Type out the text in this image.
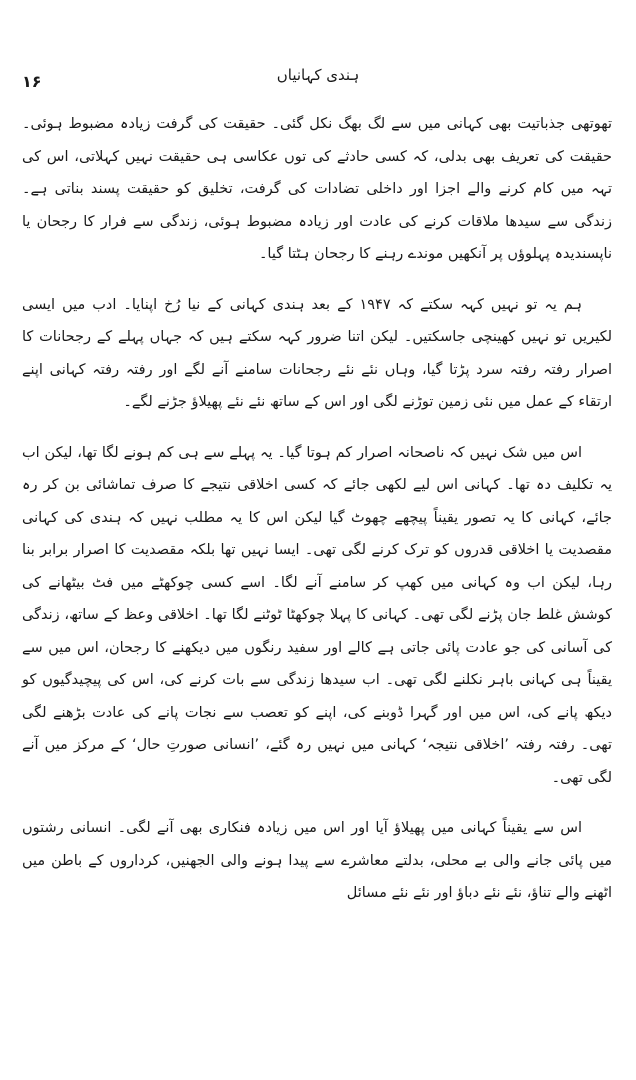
ہندی کہانیاں
۱۶

تھوتھی جذباتیت بھی کہانی میں سے لگ بھگ نکل گئی۔ حقیقت کی گرفت زیادہ مضبوط ہوئی۔ حقیقت کی تعریف بھی بدلی، کہ کسی حادثے کی توں عکاسی ہی حقیقت نہیں کہلاتی، اس کی تہہ میں کام کرنے والے اجزا اور داخلی تضادات کی گرفت، تخلیق کو حقیقت پسند بناتی ہے۔ زندگی سے سیدھا ملاقات کرنے کی عادت اور زیادہ مضبوط ہوئی، زندگی سے فرار کا رجحان یا ناپسندیدہ پہلوؤں پر آنکھیں موندے رہنے کا رجحان ہٹتا گیا۔

ہم یہ تو نہیں کہہ سکتے کہ ۱۹۴۷ کے بعد ہندی کہانی کے نیا رُخ اپنایا۔ ادب میں ایسی لکیریں تو نہیں کھینچی جاسکتیں۔ لیکن اتنا ضرور کہہ سکتے ہیں کہ جہاں پہلے کے رجحانات کا اصرار رفتہ رفتہ سرد پڑتا گیا، وہاں نئے نئے رجحانات سامنے آنے لگے اور رفتہ رفتہ کہانی اپنے ارتقاء کے عمل میں نئی زمین توڑنے لگی اور اس کے ساتھ نئے نئے پھیلاؤ جڑنے لگے۔

اس میں شک نہیں کہ ناصحانہ اصرار کم ہوتا گیا۔ یہ پہلے سے ہی کم ہونے لگا تھا، لیکن اب یہ تکلیف دہ تھا۔ کہانی اس لیے لکھی جائے کہ کسی اخلاقی نتیجے کا صرف تماشائی بن کر رہ جائے، کہانی کا یہ تصور یقیناً پیچھے چھوٹ گیا لیکن اس کا یہ مطلب نہیں کہ ہندی کی کہانی مقصدیت یا اخلاقی قدروں کو ترک کرنے لگی تھی۔ ایسا نہیں تھا بلکہ مقصدیت کا اصرار برابر بنا رہا، لیکن اب وہ کہانی میں کھپ کر سامنے آنے لگا۔ اسے کسی چوکھٹے میں فٹ بیٹھانے کی کوشش غلط جان پڑنے لگی تھی۔ کہانی کا پہلا چوکھٹا ٹوٹنے لگا تھا۔ اخلاقی وعظ کے ساتھ، زندگی کی آسانی کی جو عادت پائی جاتی ہے کالے اور سفید رنگوں میں دیکھنے کا رجحان، اس میں سے یقیناً ہی کہانی باہر نکلنے لگی تھی۔ اب سیدھا زندگی سے بات کرنے کی، اس کی پیچیدگیوں کو دیکھ پانے کی، اس میں اور گہرا ڈوبنے کی، اپنے کو تعصب سے نجات پانے کی عادت بڑھنے لگی تھی۔ رفتہ رفتہ ’اخلاقی نتیجہ‘ کہانی میں نہیں رہ گئے، ’انسانی صورتِ حال‘ کے مرکز میں آنے لگی تھی۔

اس سے یقیناً کہانی میں پھیلاؤ آیا اور اس میں زیادہ فنکاری بھی آنے لگی۔ انسانی رشتوں میں پائی جانے والی بے محلی، بدلتے معاشرے سے پیدا ہونے والی الجھنیں، کرداروں کے باطن میں اٹھنے والے تناؤ، نئے نئے دباؤ اور نئے نئے مسائل
